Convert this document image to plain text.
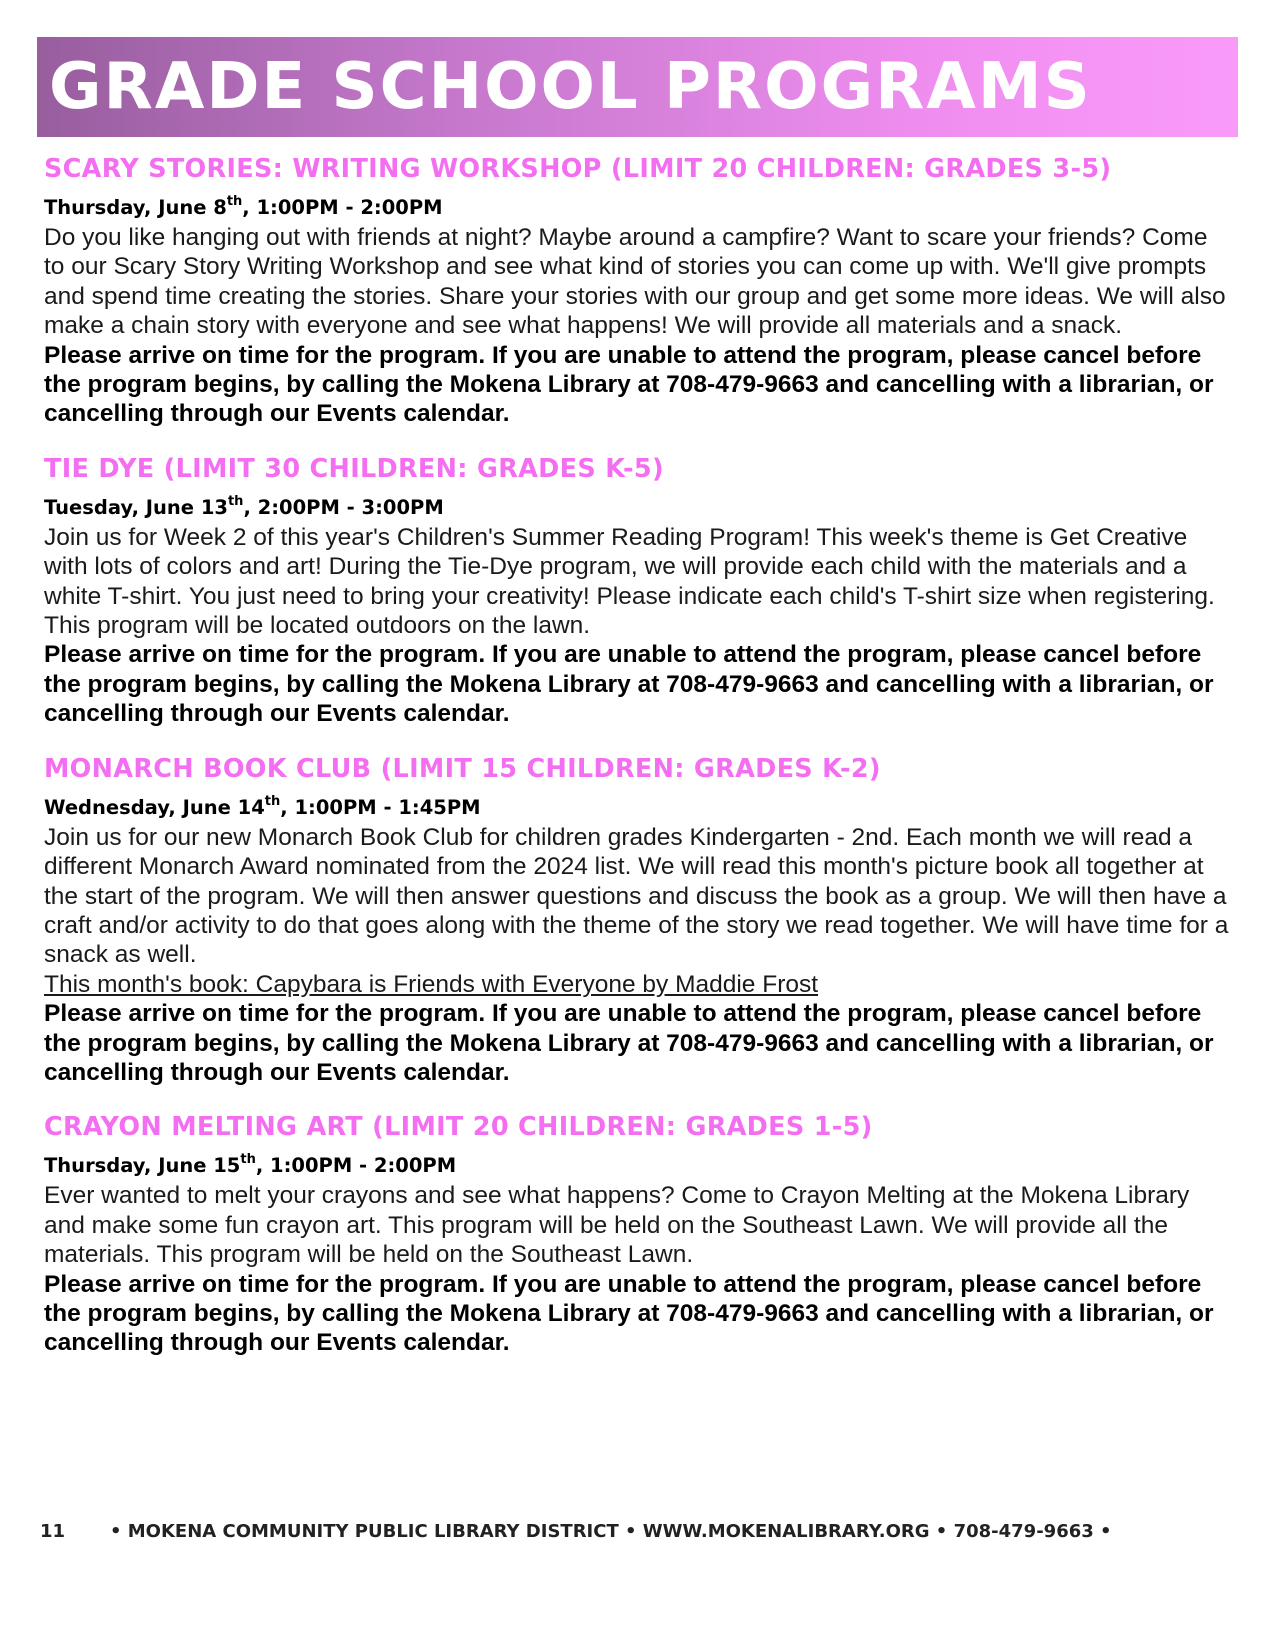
GRADE SCHOOL PROGRAMS
SCARY STORIES: WRITING WORKSHOP (LIMIT 20 CHILDREN: GRADES 3-5)

Thursday, June 8th, 1:00PM - 2:00PM

Do you like hanging out with friends at night? Maybe around a campfire? Want to scare your friends? Come to our Scary Story Writing Workshop and see what kind of stories you can come up with. We'll give prompts and spend time creating the stories. Share your stories with our group and get some more ideas. We will also make a chain story with everyone and see what happens! We will provide all materials and a snack.

Please arrive on time for the program. If you are unable to attend the program, please cancel before the program begins, by calling the Mokena Library at 708-479-9663 and cancelling with a librarian, or cancelling through our Events calendar.

TIE DYE (LIMIT 30 CHILDREN: GRADES K-5)

Tuesday, June 13th, 2:00PM - 3:00PM

Join us for Week 2 of this year's Children's Summer Reading Program! This week's theme is Get Creative with lots of colors and art! During the Tie-Dye program, we will provide each child with the materials and a white T-shirt. You just need to bring your creativity! Please indicate each child's T-shirt size when registering. This program will be located outdoors on the lawn.

Please arrive on time for the program. If you are unable to attend the program, please cancel before the program begins, by calling the Mokena Library at 708-479-9663 and cancelling with a librarian, or cancelling through our Events calendar.

MONARCH BOOK CLUB (LIMIT 15 CHILDREN: GRADES K-2)

Wednesday, June 14th, 1:00PM - 1:45PM

Join us for our new Monarch Book Club for children grades Kindergarten - 2nd. Each month we will read a different Monarch Award nominated from the 2024 list. We will read this month's picture book all together at the start of the program. We will then answer questions and discuss the book as a group. We will then have a craft and/or activity to do that goes along with the theme of the story we read together. We will have time for a snack as well.

This month's book: Capybara is Friends with Everyone by Maddie Frost

Please arrive on time for the program. If you are unable to attend the program, please cancel before the program begins, by calling the Mokena Library at 708-479-9663 and cancelling with a librarian, or cancelling through our Events calendar.

CRAYON MELTING ART (LIMIT 20 CHILDREN: GRADES 1-5)

Thursday, June 15th, 1:00PM - 2:00PM

Ever wanted to melt your crayons and see what happens? Come to Crayon Melting at the Mokena Library and make some fun crayon art. This program will be held on the Southeast Lawn. We will provide all the materials. This program will be held on the Southeast Lawn.

Please arrive on time for the program. If you are unable to attend the program, please cancel before the program begins, by calling the Mokena Library at 708-479-9663 and cancelling with a librarian, or cancelling through our Events calendar.

11 • MOKENA COMMUNITY PUBLIC LIBRARY DISTRICT • WWW.MOKENALIBRARY.ORG • 708-479-9663 •
